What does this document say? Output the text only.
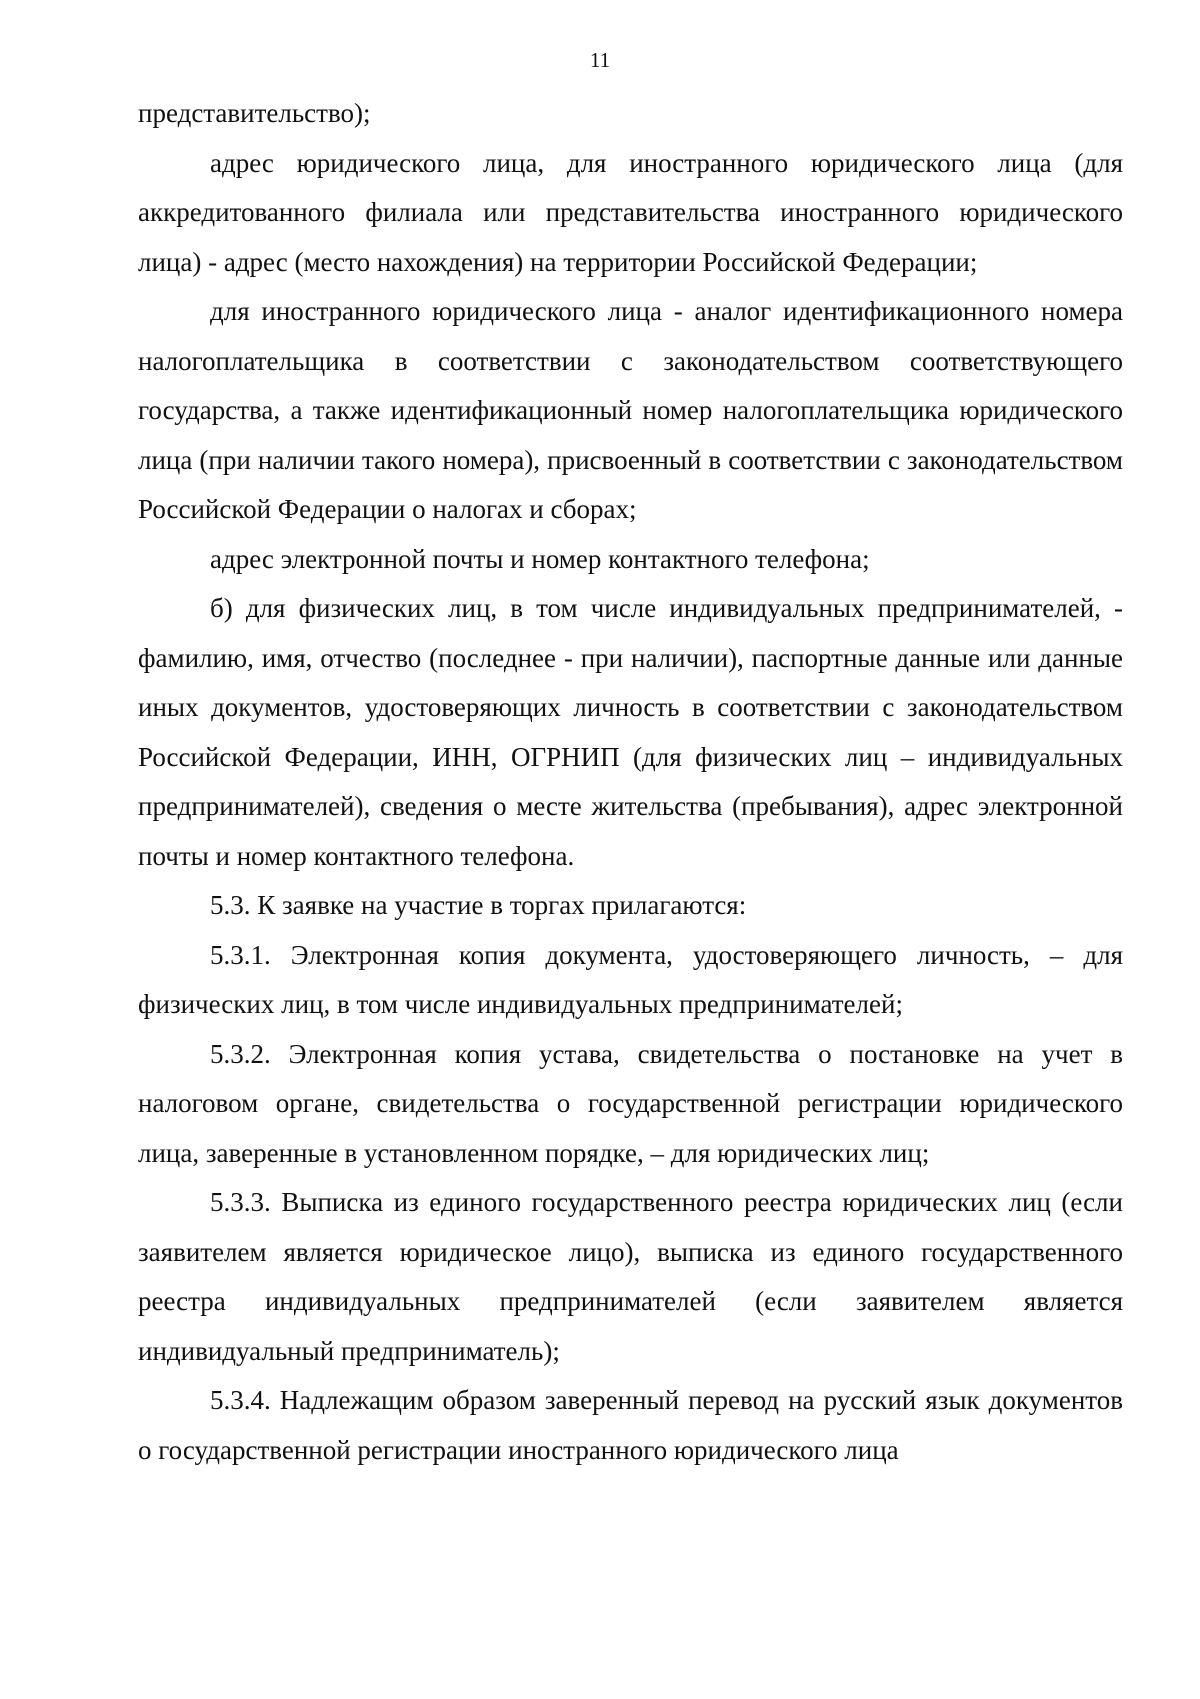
11

представительство);

адрес юридического лица, для иностранного юридического лица (для аккредитованного филиала или представительства иностранного юридического лица) - адрес (место нахождения) на территории Российской Федерации;

для иностранного юридического лица - аналог идентификационного номера налогоплательщика в соответствии с законодательством соответствующего государства, а также идентификационный номер налогоплательщика юридического лица (при наличии такого номера), присвоенный в соответствии с законодательством Российской Федерации о налогах и сборах;

адрес электронной почты и номер контактного телефона;

б) для физических лиц, в том числе индивидуальных предпринимателей, - фамилию, имя, отчество (последнее - при наличии), паспортные данные или данные иных документов, удостоверяющих личность в соответствии с законодательством Российской Федерации, ИНН, ОГРНИП (для физических лиц – индивидуальных предпринимателей), сведения о месте жительства (пребывания), адрес электронной почты и номер контактного телефона.

5.3. К заявке на участие в торгах прилагаются:

5.3.1. Электронная копия документа, удостоверяющего личность, – для физических лиц, в том числе индивидуальных предпринимателей;

5.3.2. Электронная копия устава, свидетельства о постановке на учет в налоговом органе, свидетельства о государственной регистрации юридического лица, заверенные в установленном порядке, – для юридических лиц;

5.3.3. Выписка из единого государственного реестра юридических лиц (если заявителем является юридическое лицо), выписка из единого государственного реестра индивидуальных предпринимателей (если заявителем является индивидуальный предприниматель);

5.3.4. Надлежащим образом заверенный перевод на русский язык документов о государственной регистрации иностранного юридического лица
